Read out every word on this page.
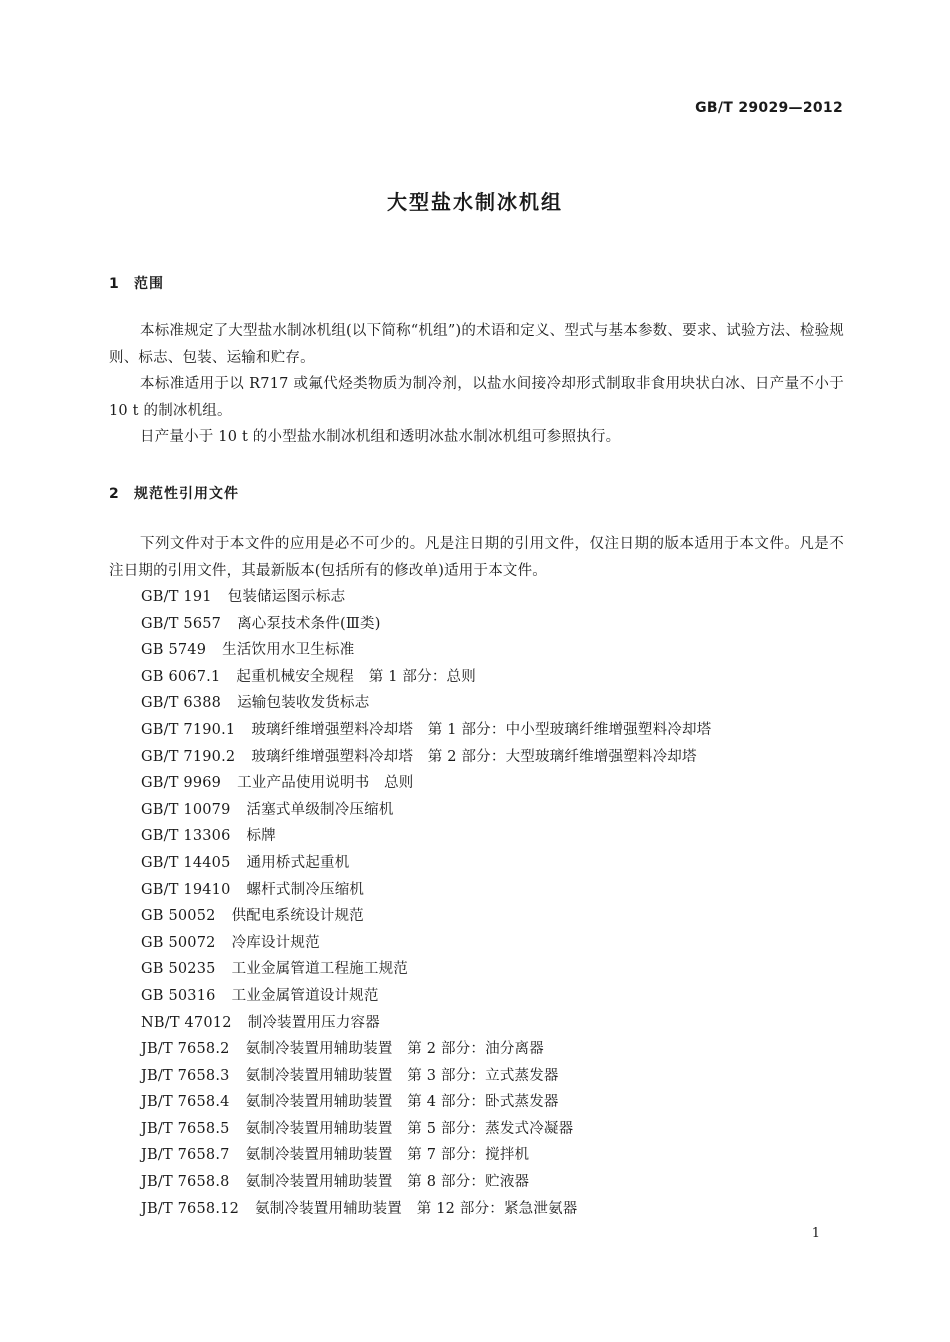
GB/T 29029—2012
大型盐水制冰机组
1 范围
本标准规定了大型盐水制冰机组(以下简称“机组”)的术语和定义、型式与基本参数、要求、试验方法、检验规则、标志、包装、运输和贮存。
本标准适用于以 R717 或氟代烃类物质为制冷剂，以盐水间接冷却形式制取非食用块状白冰、日产量不小于 10 t 的制冰机组。
日产量小于 10 t 的小型盐水制冰机组和透明冰盐水制冰机组可参照执行。
2 规范性引用文件
下列文件对于本文件的应用是必不可少的。凡是注日期的引用文件，仅注日期的版本适用于本文件。凡是不注日期的引用文件，其最新版本(包括所有的修改单)适用于本文件。
GB/T 191 包装储运图示标志
GB/T 5657 离心泵技术条件(Ⅲ类)
GB 5749 生活饮用水卫生标准
GB 6067.1 起重机械安全规程　第 1 部分：总则
GB/T 6388 运输包装收发货标志
GB/T 7190.1 玻璃纤维增强塑料冷却塔　第 1 部分：中小型玻璃纤维增强塑料冷却塔
GB/T 7190.2 玻璃纤维增强塑料冷却塔　第 2 部分：大型玻璃纤维增强塑料冷却塔
GB/T 9969 工业产品使用说明书　总则
GB/T 10079 活塞式单级制冷压缩机
GB/T 13306 标牌
GB/T 14405 通用桥式起重机
GB/T 19410 螺杆式制冷压缩机
GB 50052 供配电系统设计规范
GB 50072 冷库设计规范
GB 50235 工业金属管道工程施工规范
GB 50316 工业金属管道设计规范
NB/T 47012 制冷装置用压力容器
JB/T 7658.2 氨制冷装置用辅助装置　第 2 部分：油分离器
JB/T 7658.3 氨制冷装置用辅助装置　第 3 部分：立式蒸发器
JB/T 7658.4 氨制冷装置用辅助装置　第 4 部分：卧式蒸发器
JB/T 7658.5 氨制冷装置用辅助装置　第 5 部分：蒸发式冷凝器
JB/T 7658.7 氨制冷装置用辅助装置　第 7 部分：搅拌机
JB/T 7658.8 氨制冷装置用辅助装置　第 8 部分：贮液器
JB/T 7658.12 氨制冷装置用辅助装置　第 12 部分：紧急泄氨器
1
